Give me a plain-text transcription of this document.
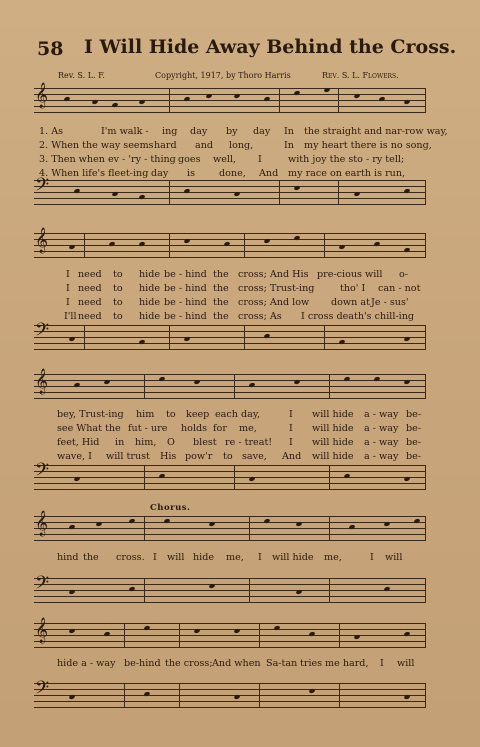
58 I Will Hide Away Behind the Cross.
Rev. S. L. F.	Copyright, 1917, by Thoro Harris	Rev. S. L. Flowers.
𝄞
𝄢
𝄞
𝄢
𝄞
𝄢
Chorus.
𝄞
𝄢
𝄞
𝄢
1. As	I'm walk - ing day by day In the straight and nar-row way,
2. When the way seems hard and long,	In my heart there is no song,
3. Then when ev - 'ry - thing goes well, I	with joy the sto - ry tell;
4. When life's fleet-ing day is	done, And my race on earth is run,
I need to hide be - hind the cross; And His pre-cious will o-
I need to hide be - hind the cross; Trust-ing	tho' I can - not
I need to hide be - hind the cross; And low down at Je - sus'
I'll need to hide be - hind the cross; As I cross death's chill-ing
bey, Trust-ing him to keep each day,	I will hide a - way be-
see What the fut - ure holds for me,	I will hide a - way be-
feet, Hid in him, O blest re - treat! I will hide a - way be-
wave, I will trust His pow'r to save, And will hide a - way be-
hind the cross. I will hide me, I will hide me,	I will
hide a - way be-hind the cross; And when Sa-tan tries me hard, I will
